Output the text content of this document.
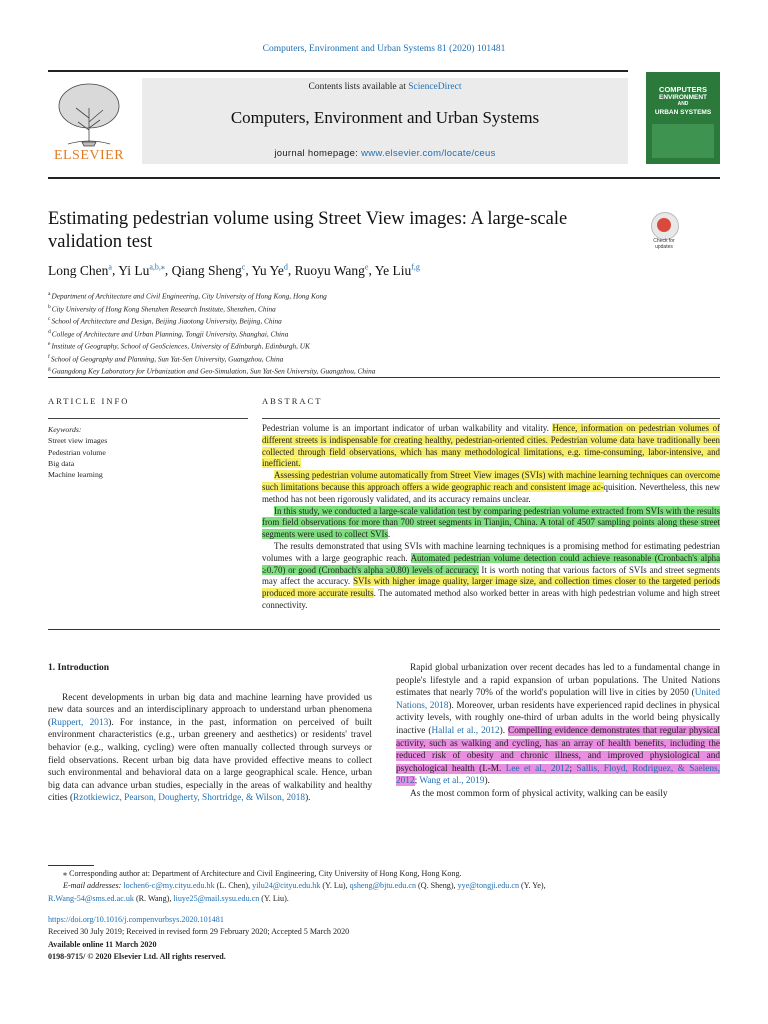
Computers, Environment and Urban Systems 81 (2020) 101481
ELSEVIER
Contents lists available at ScienceDirect
Computers, Environment and Urban Systems
journal homepage: www.elsevier.com/locate/ceus
COMPUTERS
ENVIRONMENT
AND
URBAN SYSTEMS
Estimating pedestrian volume using Street View images: A large-scale
validation test	Check for
updates
Long Chen$^a$, Yi $Lu^{a,b,⁎}$, Qiang Sheng$^c$, Yu Ye$^d$, Ruoyu Wang$^e$, Ye Liu$^{f,g}$
$^a$Department of Architecture and Civil Engineering, City University of Hong Kong, Hong Kong
$^b$City University of Hong Kong Shenzhen Research Institute, Shenzhen, China
$^c$School of Architecture and Design, Beijing Jiaotong University, Beijing, China
$^d$College of Architecture and Urban Planning, Tongji University, Shanghai, China
$^e$Institute of Geography, School of GeoSciences, University of Edinburgh, Edinburgh, UK
$^f$School of Geography and Planning, Sun Yat-Sen University, Guangzhou, China
$^g$Guangdong Key Laboratory for Urbanization and Geo-Simulation, Sun Yat-Sen University, Guangzhou, China
ARTICLE INFO	ABSTRACT
Keywords:
Street view images
Pedestrian volume
Big data
Machine learning

Pedestrian volume is an important indicator of urban walkability and vitality. Hence, information on pedestrian volumes of different streets is indispensable for creating healthy, pedestrian-oriented cities. Pedestrian volume data have traditionally been collected through field observations, which has many methodological limitations, e.g. time-consuming, labor-intensive, and inefficient.

Assessing pedestrian volume automatically from Street View images (SVIs) with machine learning techniques can overcome such limitations because this approach offers a wide geographic reach and consistent image ac-quisition. Nevertheless, this new method has not been rigorously validated, and its accuracy remains unclear.

In this study, we conducted a large-scale validation test by comparing pedestrian volume extracted from SVIs with the results from field observations for more than 700 street segments in Tianjin, China. A total of 4507 sampling points along these street segments were used to collect SVIs.

The results demonstrated that using SVIs with machine learning techniques is a promising method for estimating pedestrian volumes with a large geographic reach. Automated pedestrian volume detection could achieve reasonable (Cronbach's alpha ≥0.70) or good (Cronbach's alpha ≥0.80) levels of accuracy. It is worth noting that various factors of SVIs and street segments may affect the accuracy. SVIs with higher image quality, larger image size, and collection times closer to the targeted periods produced more accurate results. The automated method also worked better in areas with high pedestrian volume and high street connectivity.

1. Introduction

Recent developments in urban big data and machine learning have provided us new data sources and an interdisciplinary approach to understand urban phenomena (Ruppert, 2013). For instance, in the past, information on perceived of built environment characteristics (e.g., urban greenery and aesthetics) or residents' travel behavior (e.g., walking, cycling) were often manually collected through surveys or field observations. Recent urban big data have provided effective means to collect such environmental and behavioral data on a large geographical scale. Hence, urban big data can advance urban studies, especially in the areas of walkability and healthy cities (Rzotkiewicz, Pearson, Dougherty, Shortridge, & Wilson, 2018).

Rapid global urbanization over recent decades has led to a fundamental change in people's lifestyle and a rapid expansion of urban populations. The United Nations estimates that nearly 70% of the world's population will live in cities by 2050 (United Nations, 2018). Moreover, urban residents have experienced rapid declines in physical activity levels, with roughly one-third of urban adults in the world being physically inactive (Hallal et al., 2012). Compelling evidence demonstrates that regular physical activity, such as walking and cycling, has an array of health benefits, including the reduced risk of obesity and chronic illness, and improved physiological and psychological health (I.-M. Lee et al., 2012; Sallis, Floyd, Rodriguez, & Saelens, 2012; Wang et al., 2019).

As the most common form of physical activity, walking can be easily

⁎ Corresponding author at: Department of Architecture and Civil Engineering, City University of Hong Kong, Hong Kong.
E-mail addresses: lochen6-c@my.cityu.edu.hk (L. Chen), yilu24@cityu.edu.hk (Y. Lu), qsheng@bjtu.edu.cn (Q. Sheng), yye@tongji.edu.cn (Y. Ye),
R.Wang-54@sms.ed.ac.uk (R. Wang), liuye25@mail.sysu.edu.cn (Y. Liu).
https://doi.org/10.1016/j.compenvurbsys.2020.101481
Received 30 July 2019; Received in revised form 29 February 2020; Accepted 5 March 2020
Available online 11 March 2020
0198-9715/ © 2020 Elsevier Ltd. All rights reserved.
